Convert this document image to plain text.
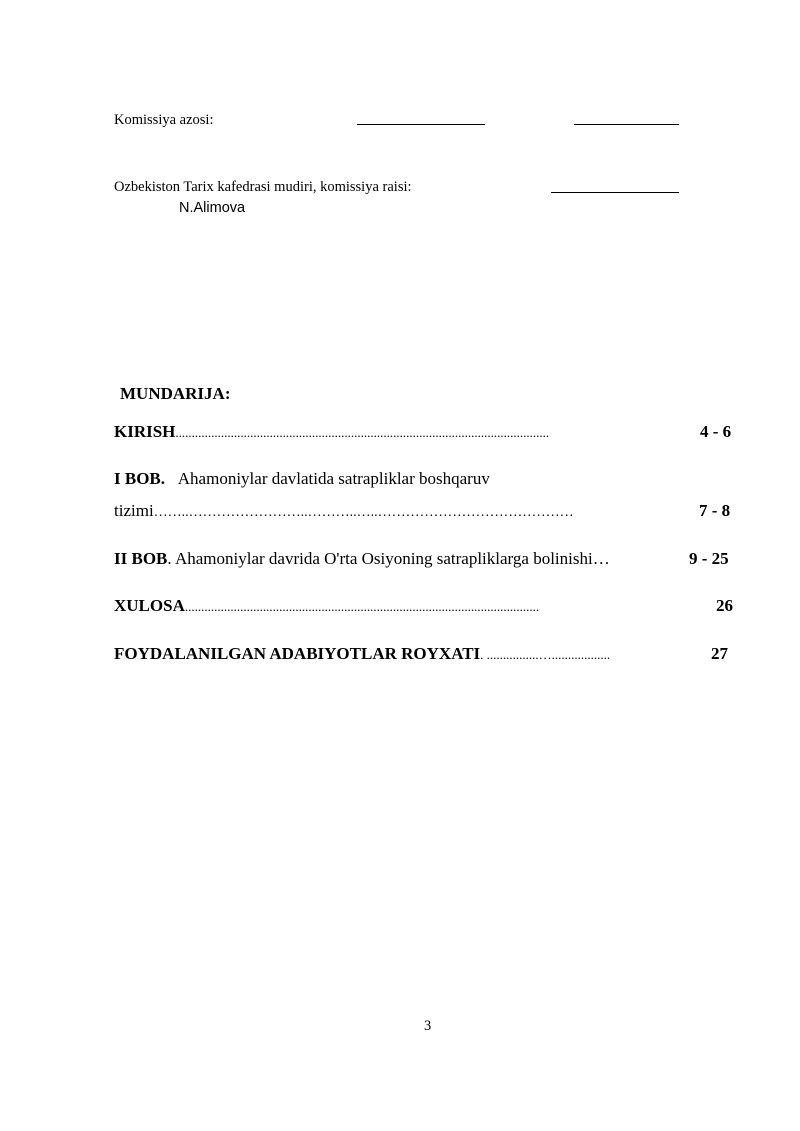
Komissiya azosi:
Ozbekiston Tarix kafedrasi mudiri, komissiya raisi:
N.Alimova
MUNDARIJA:
KIRISH...................................................................................................................	4 - 6
I BOB. Ahamoniylar davlatida satrapliklar boshqaruv
tizimi……..……………………..………..…..……………………………………	7 - 8
II BOB. Ahamoniylar davrida O'rta Osiyoning satrapliklarga bolinishi…	9 - 25
XULOSA.............................................................................................................	26
FOYDALANILGAN ADABIYOTLAR ROYXATI. ................…..................	27
3
